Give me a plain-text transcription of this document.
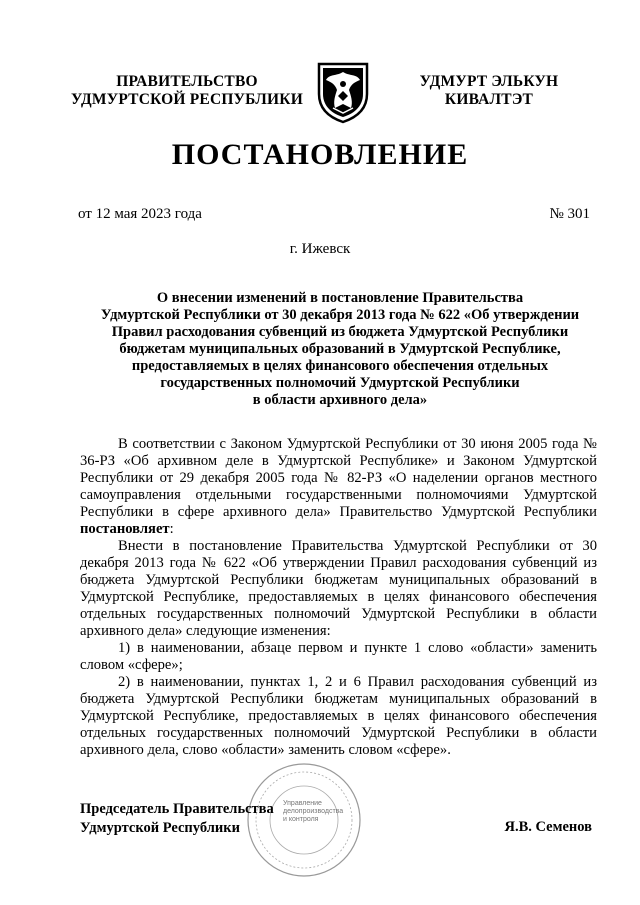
ПРАВИТЕЛЬСТВО
УДМУРТСКОЙ РЕСПУБЛИКИ
УДМУРТ ЭЛЬКУН
КИВАЛТЭТ
ПОСТАНОВЛЕНИЕ
от 12 мая 2023 года	№ 301
г. Ижевск
О внесении изменений в постановление Правительства
Удмуртской Республики от 30 декабря 2013 года № 622 «Об утверждении
Правил расходования субвенций из бюджета Удмуртской Республики
бюджетам муниципальных образований в Удмуртской Республике,
предоставляемых в целях финансового обеспечения отдельных
государственных полномочий Удмуртской Республики
в области архивного дела»

В соответствии с Законом Удмуртской Республики от 30 июня 2005 года № 36-РЗ «Об архивном деле в Удмуртской Республике» и Законом Удмуртской Республики от 29 декабря 2005 года № 82-РЗ «О наделении органов местного самоуправления отдельными государственными полномочиями Удмуртской Республики в сфере архивного дела» Правительство Удмуртской Республики постановляет:

Внести в постановление Правительства Удмуртской Республики от 30 декабря 2013 года № 622 «Об утверждении Правил расходования субвенций из бюджета Удмуртской Республики бюджетам муниципальных образований в Удмуртской Республике, предоставляемых в целях финансового обеспечения отдельных государственных полномочий Удмуртской Республики в области архивного дела» следующие изменения:

1) в наименовании, абзаце первом и пункте 1 слово «области» заменить словом «сфере»;

2) в наименовании, пунктах 1, 2 и 6 Правил расходования субвенций из бюджета Удмуртской Республики бюджетам муниципальных образований в Удмуртской Республике, предоставляемых в целях финансового обеспечения отдельных государственных полномочий Удмуртской Республики в области архивного дела, слово «области» заменить словом «сфере».

Управление
делопроизводства
и контроля
Председатель Правительства
Удмуртской Республики	Я.В. Семенов
